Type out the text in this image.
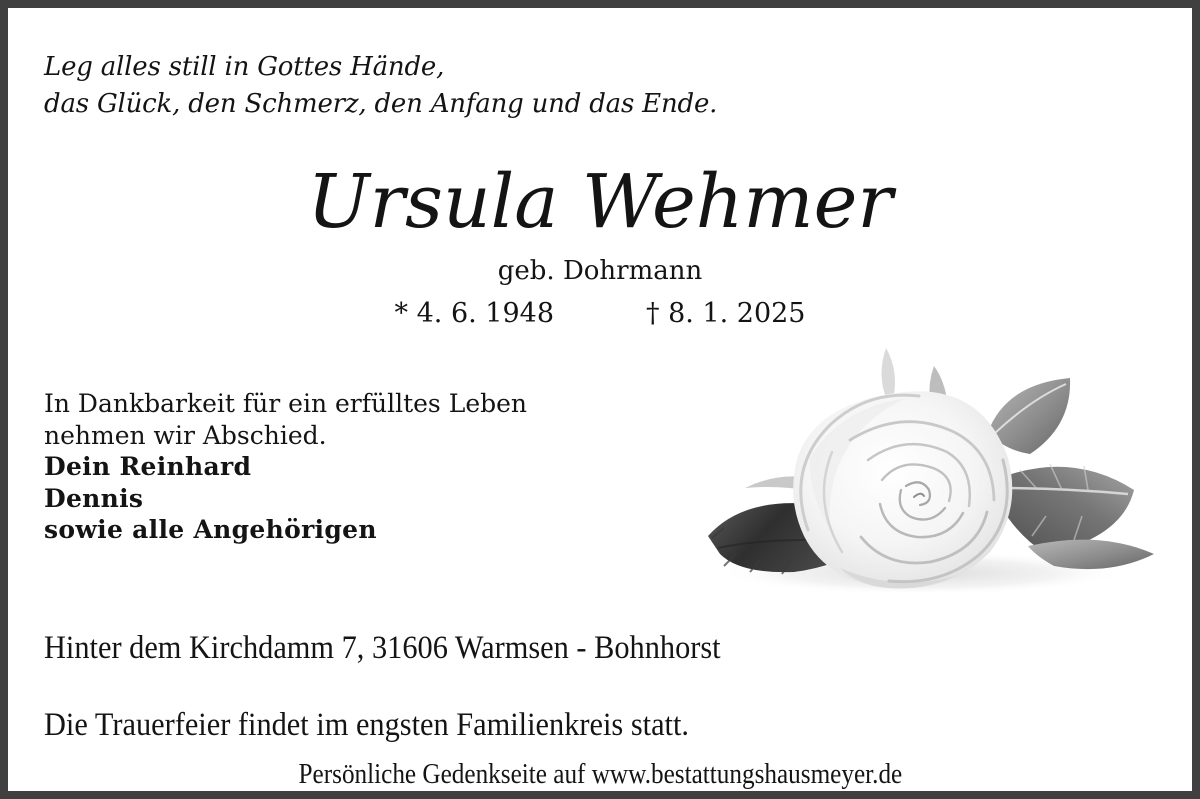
Leg alles still in Gottes Hände,
das Glück, den Schmerz, den Anfang und das Ende.
Ursula Wehmer
geb. Dohrmann
* 4. 6. 1948	† 8. 1. 2025
In Dankbarkeit für ein erfülltes Leben
nehmen wir Abschied.
Dein Reinhard
Dennis
sowie alle Angehörigen
Hinter dem Kirchdamm 7, 31606 Warmsen - Bohnhorst
Die Trauerfeier findet im engsten Familienkreis statt.
Persönliche Gedenkseite auf www.bestattungshausmeyer.de
